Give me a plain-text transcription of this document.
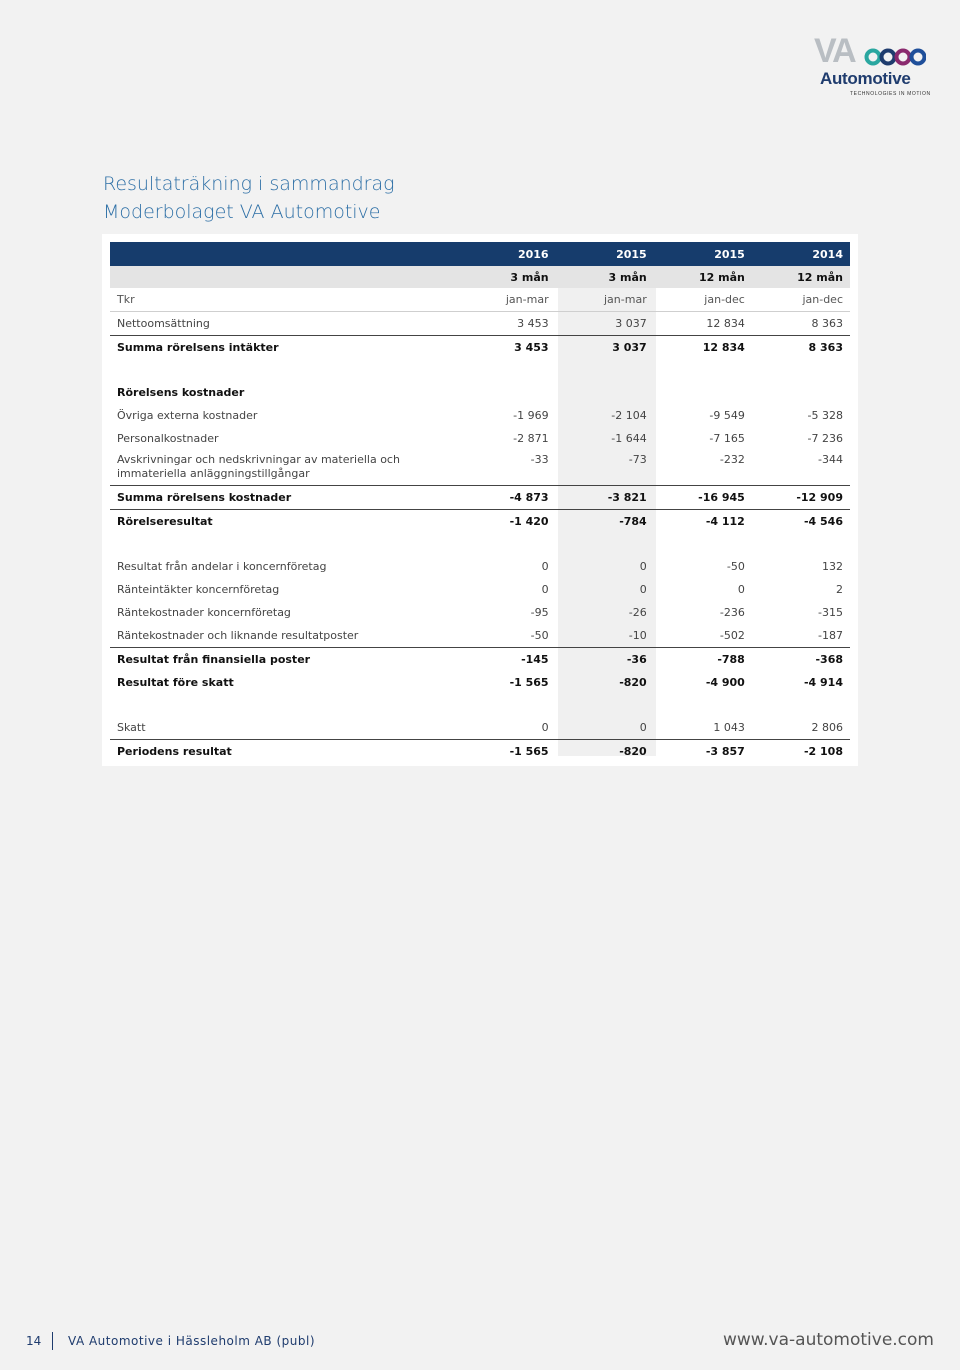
VA
Automotive
TECHNOLOGIES IN MOTION
Resultaträkning i sammandrag
Moderbolaget VA Automotive
	2016	2015	2015	2014
	3 mån	3 mån	12 mån	12 mån
Tkr	jan-mar	jan-mar	jan-dec	jan-dec
Nettoomsättning	3 453	3 037	12 834	8 363
Summa rörelsens intäkter	3 453	3 037	12 834	8 363

Rörelsens kostnader				
Övriga externa kostnader	-1 969	-2 104	-9 549	-5 328
Personalkostnader	-2 871	-1 644	-7 165	-7 236
Avskrivningar och nedskrivningar av materiella och immateriella anläggningstillgångar	-33	-73	-232	-344
Summa rörelsens kostnader	-4 873	-3 821	-16 945	-12 909
Rörelseresultat	-1 420	-784	-4 112	-4 546

Resultat från andelar i koncernföretag	0	0	-50	132
Ränteintäkter koncernföretag	0	0	0	2
Räntekostnader koncernföretag	-95	-26	-236	-315
Räntekostnader och liknande resultatposter	-50	-10	-502	-187
Resultat från finansiella poster	-145	-36	-788	-368
Resultat före skatt	-1 565	-820	-4 900	-4 914

Skatt	0	0	1 043	2 806
Periodens resultat	-1 565	-820	-3 857	-2 108
14 VA Automotive i Hässleholm AB (publ)	www.va-automotive.com
